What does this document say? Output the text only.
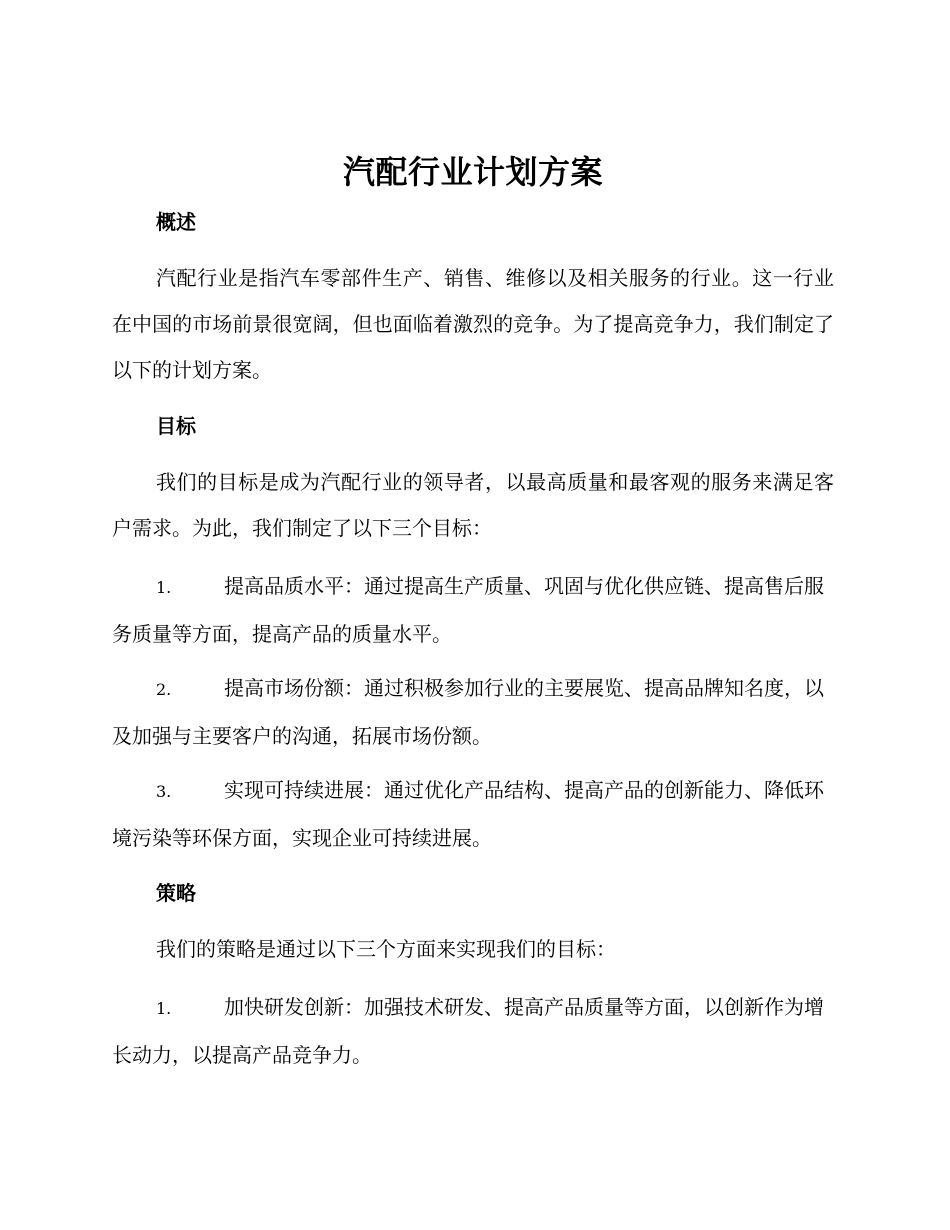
汽配行业计划方案
概述
汽配行业是指汽车零部件生产、销售、维修以及相关服务的行业。这一行业在中国的市场前景很宽阔，但也面临着激烈的竞争。为了提高竞争力，我们制定了以下的计划方案。
目标
我们的目标是成为汽配行业的领导者，以最高质量和最客观的服务来满足客户需求。为此，我们制定了以下三个目标：
1.	提高品质水平：通过提高生产质量、巩固与优化供应链、提高售后服务质量等方面，提高产品的质量水平。
2.	提高市场份额：通过积极参加行业的主要展览、提高品牌知名度，以及加强与主要客户的沟通，拓展市场份额。
3.	实现可持续进展：通过优化产品结构、提高产品的创新能力、降低环境污染等环保方面，实现企业可持续进展。
策略
我们的策略是通过以下三个方面来实现我们的目标：
1.	加快研发创新：加强技术研发、提高产品质量等方面，以创新作为增长动力，以提高产品竞争力。
